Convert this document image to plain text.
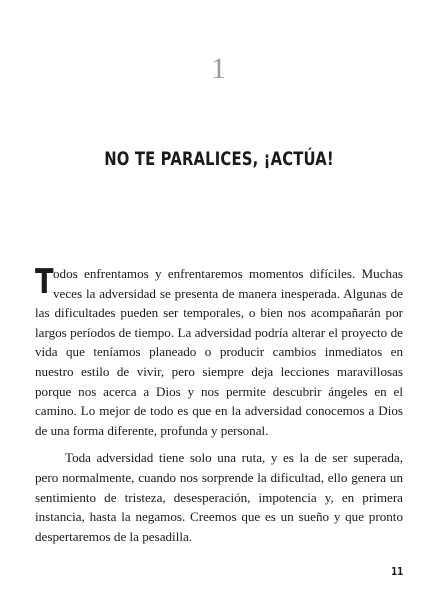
1
NO TE PARALICES, ¡ACTÚA!

Todos enfrentamos y enfrentaremos momentos difíciles. Muchas veces la adversidad se presenta de manera inesperada. Algunas de las dificultades pueden ser temporales, o bien nos acompañarán por largos períodos de tiempo. La adversidad podría alterar el proyecto de vida que teníamos planeado o producir cambios inmediatos en nuestro estilo de vivir, pero siempre deja lecciones maravillosas porque nos acerca a Dios y nos permite descubrir ángeles en el camino. Lo mejor de todo es que en la adversidad conocemos a Dios de una forma diferente, profunda y personal.

Toda adversidad tiene solo una ruta, y es la de ser superada, pero normalmente, cuando nos sorprende la dificultad, ello genera un sentimiento de tristeza, desesperación, impotencia y, en primera instancia, hasta la negamos. Creemos que es un sueño y que pronto despertaremos de la pesadilla.

11
